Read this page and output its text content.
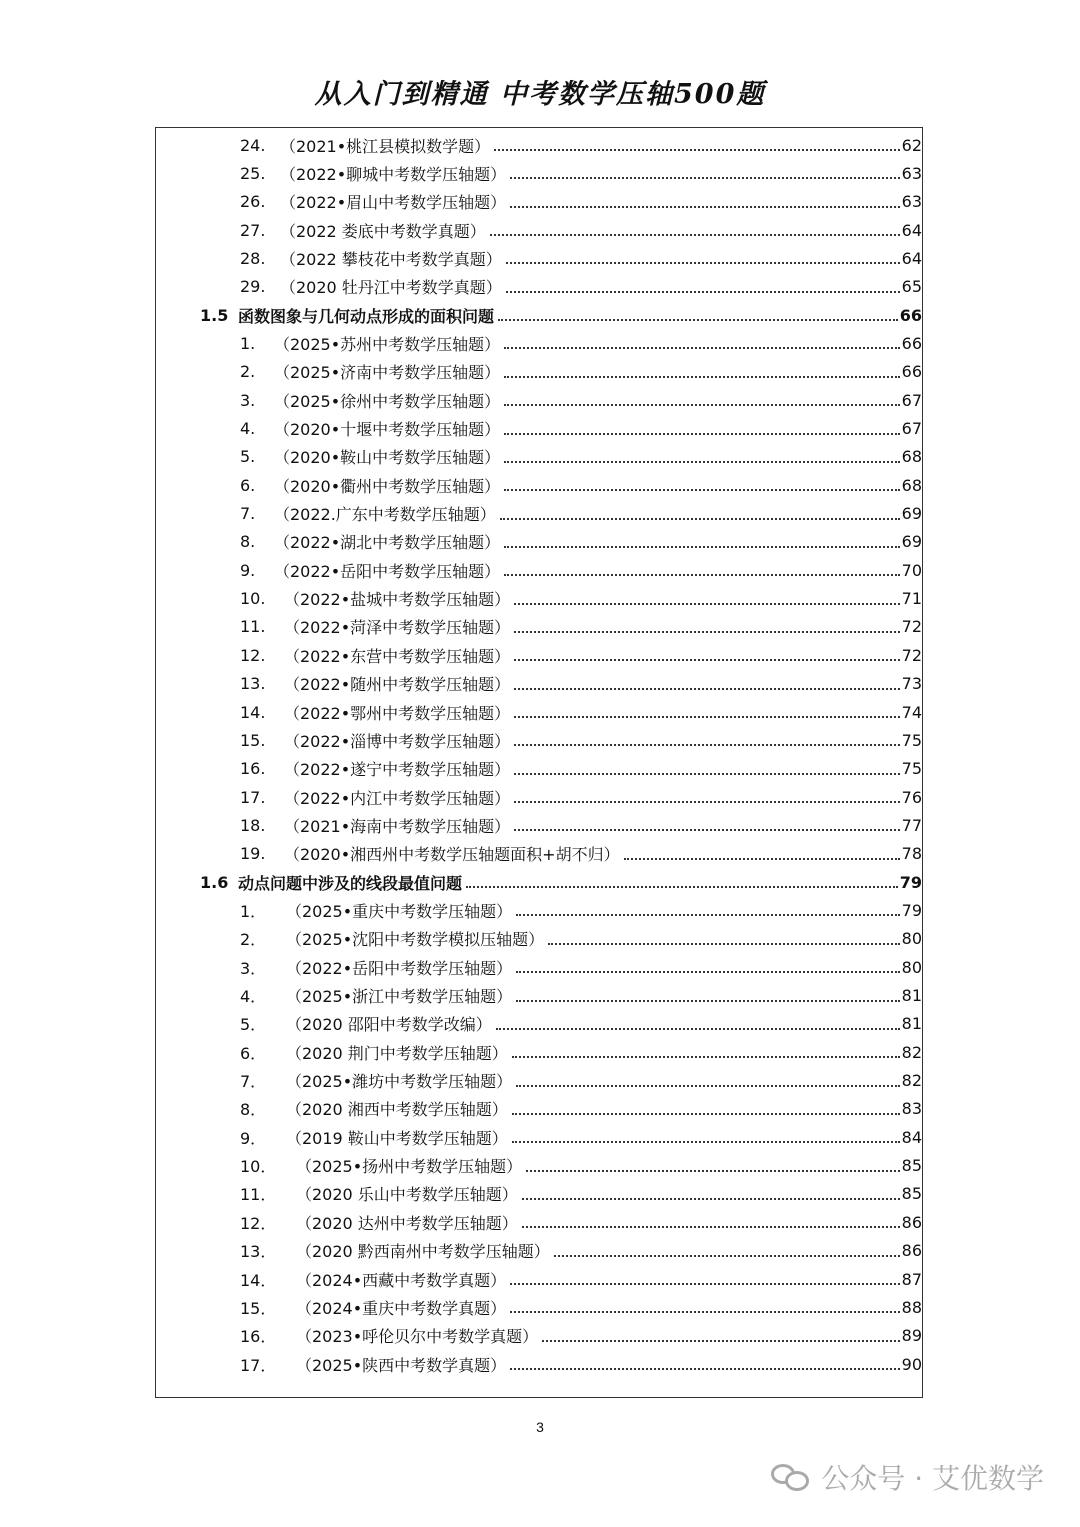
从入门到精通 中考数学压轴500题
24. （2021•桃江县模拟数学题）	62
25. （2022•聊城中考数学压轴题）	63
26. （2022•眉山中考数学压轴题）	63
27. （2022 娄底中考数学真题）	64
28. （2022 攀枝花中考数学真题）	64
29. （2020 牡丹江中考数学真题）	65
1.5 函数图象与几何动点形成的面积问题	66
1.	（2025•苏州中考数学压轴题）	66
2.	（2025•济南中考数学压轴题）	66
3.	（2025•徐州中考数学压轴题）	67
4.	（2020•十堰中考数学压轴题）	67
5.	（2020•鞍山中考数学压轴题）	68
6.	（2020•衢州中考数学压轴题）	68
7.	（2022.广东中考数学压轴题）	69
8.	（2022•湖北中考数学压轴题）	69
9.	（2022•岳阳中考数学压轴题）	70
10.	（2022•盐城中考数学压轴题）	71
11.	（2022•菏泽中考数学压轴题）	72
12.	（2022•东营中考数学压轴题）	72
13.	（2022•随州中考数学压轴题）	73
14.	（2022•鄂州中考数学压轴题）	74
15.	（2022•淄博中考数学压轴题）	75
16.	（2022•遂宁中考数学压轴题）	75
17.	（2022•内江中考数学压轴题）	76
18.	（2021•海南中考数学压轴题）	77
19.	（2020•湘西州中考数学压轴题面积+胡不归）	78
1.6 动点问题中涉及的线段最值问题	79
1．	（2025•重庆中考数学压轴题）	79
2．	（2025•沈阳中考数学模拟压轴题）	80
3．	（2022•岳阳中考数学压轴题）	80
4．	（2025•浙江中考数学压轴题）	81
5．	（2020 邵阳中考数学改编）	81
6．	（2020 荆门中考数学压轴题）	82
7．	（2025•潍坊中考数学压轴题）	82
8．	（2020 湘西中考数学压轴题）	83
9．	（2019 鞍山中考数学压轴题）	84
10．	（2025•扬州中考数学压轴题）	85
11．	（2020 乐山中考数学压轴题）	85
12．	（2020 达州中考数学压轴题）	86
13．	（2020 黔西南州中考数学压轴题）	86
14．	（2024•西藏中考数学真题）	87
15．	（2024•重庆中考数学真题）	88
16．	（2023•呼伦贝尔中考数学真题）	89
17．	（2025•陕西中考数学真题）	90
3
公众号 · 艾优数学
